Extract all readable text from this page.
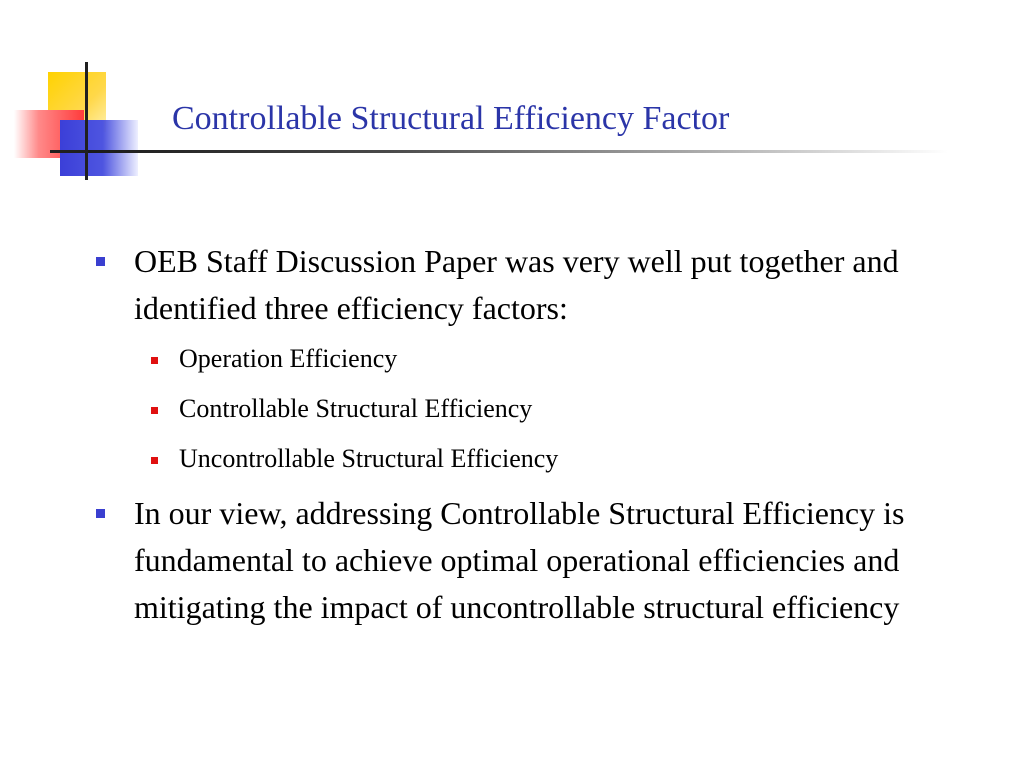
Controllable Structural Efficiency Factor
OEB Staff Discussion Paper was very well put together and identified three efficiency factors:
Operation Efficiency
Controllable Structural Efficiency
Uncontrollable Structural Efficiency
In our view, addressing Controllable Structural Efficiency is fundamental to achieve optimal operational efficiencies and mitigating the impact of uncontrollable structural efficiency
